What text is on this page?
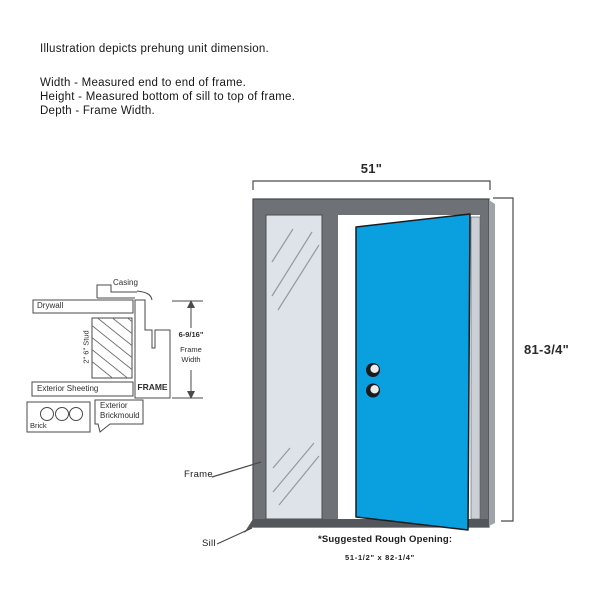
Illustration depicts prehung unit dimension.
Width - Measured end to end of frame.
Height - Measured bottom of sill to top of frame.
Depth - Frame Width.
Casing
Drywall
2" 6" Stud
FRAME
Exterior Sheeting
Brick
Exterior
Brickmould
6-9/16"
Frame
Width
51"
81-3/4"
Frame
Sill	*Suggested Rough Opening:
51-1/2" x 82-1/4"
